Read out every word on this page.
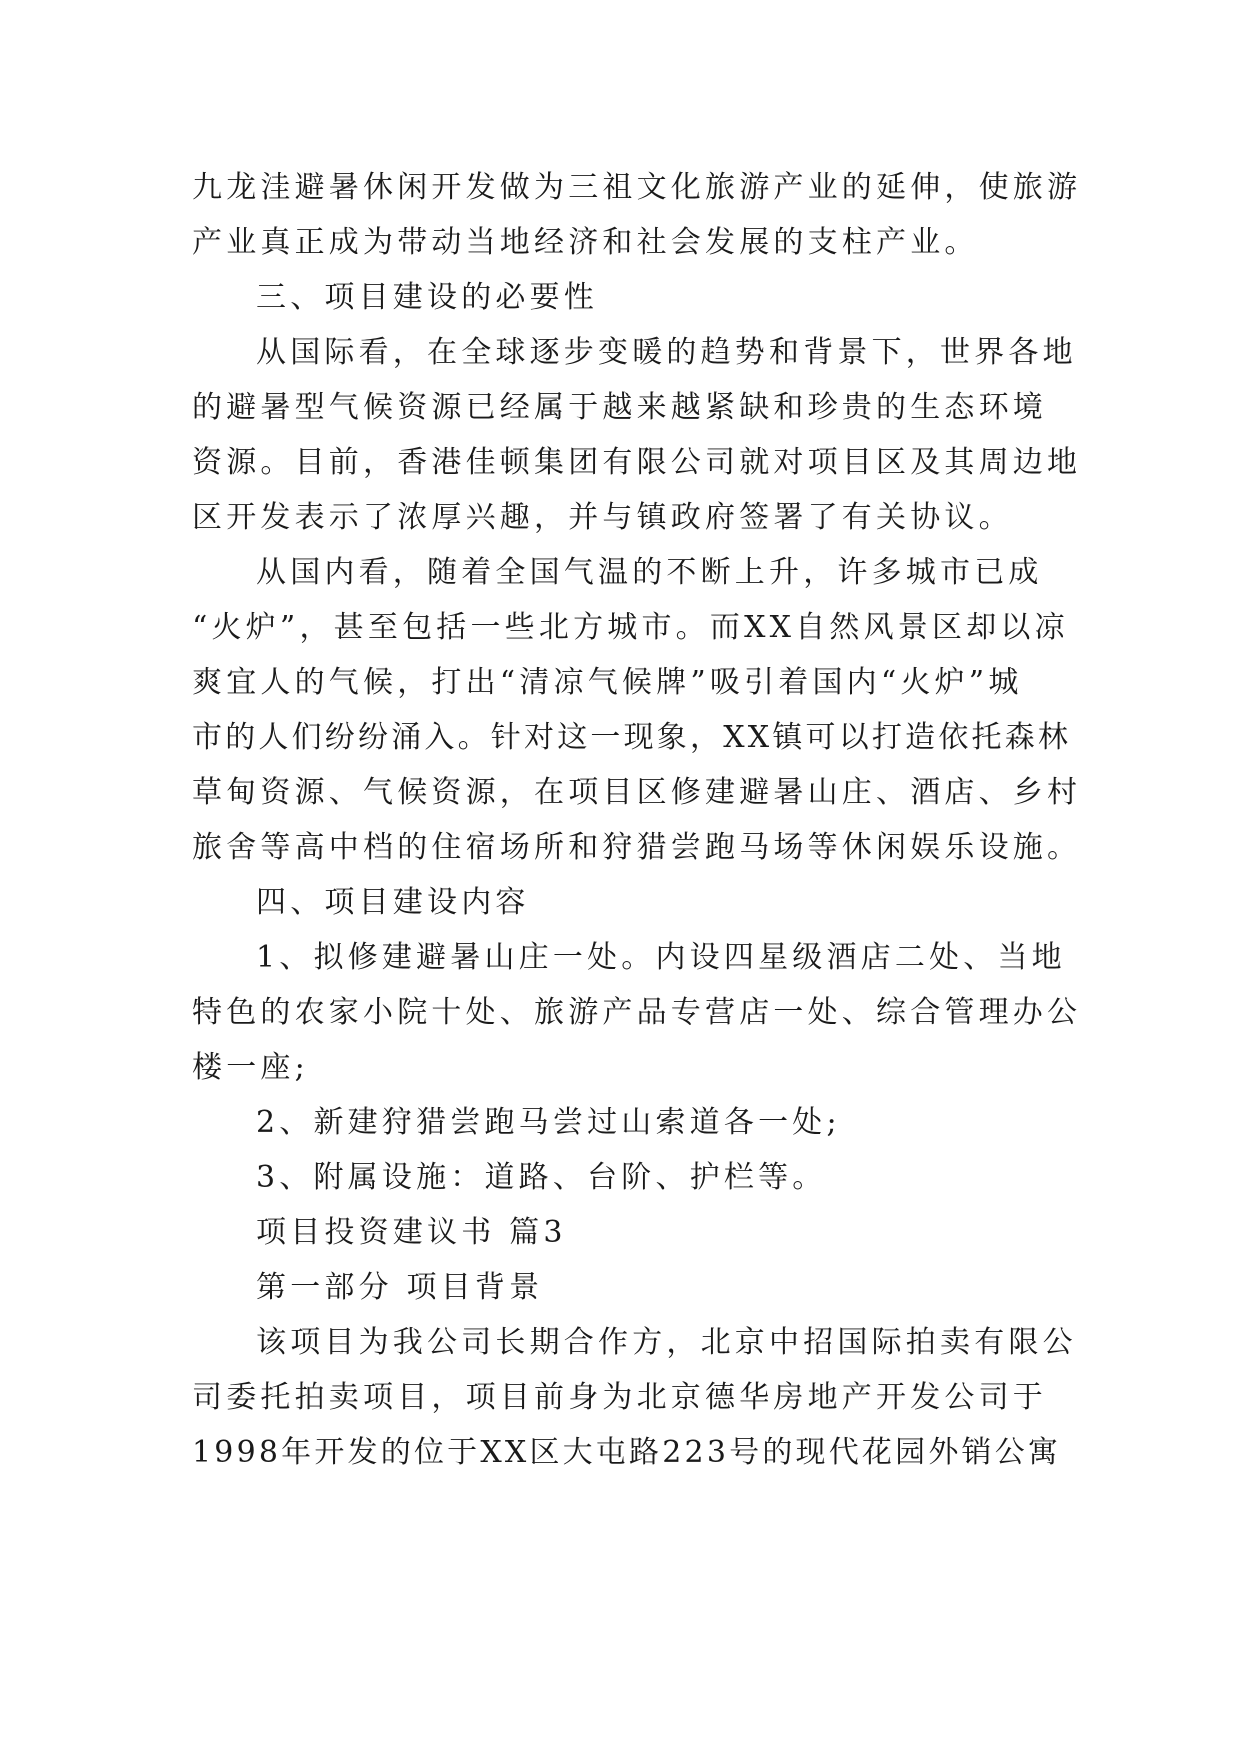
九龙洼避暑休闲开发做为三祖文化旅游产业的延伸，使旅游
产业真正成为带动当地经济和社会发展的支柱产业。
三、项目建设的必要性
从国际看，在全球逐步变暖的趋势和背景下，世界各地
的避暑型气候资源已经属于越来越紧缺和珍贵的生态环境
资源。目前，香港佳顿集团有限公司就对项目区及其周边地
区开发表示了浓厚兴趣，并与镇政府签署了有关协议。
从国内看，随着全国气温的不断上升，许多城市已成
“火炉”，甚至包括一些北方城市。而XX自然风景区却以凉
爽宜人的气候，打出“清凉气候牌”吸引着国内“火炉”城
市的人们纷纷涌入。针对这一现象，XX镇可以打造依托森林
草甸资源、气候资源，在项目区修建避暑山庄、酒店、乡村
旅舍等高中档的住宿场所和狩猎尝跑马场等休闲娱乐设施。
四、项目建设内容
1、拟修建避暑山庄一处。内设四星级酒店二处、当地
特色的农家小院十处、旅游产品专营店一处、综合管理办公
楼一座;
2、新建狩猎尝跑马尝过山索道各一处;
3、附属设施：道路、台阶、护栏等。
项目投资建议书 篇3
第一部分 项目背景
该项目为我公司长期合作方，北京中招国际拍卖有限公
司委托拍卖项目，项目前身为北京德华房地产开发公司于
1998年开发的位于XX区大屯路223号的现代花园外销公寓
